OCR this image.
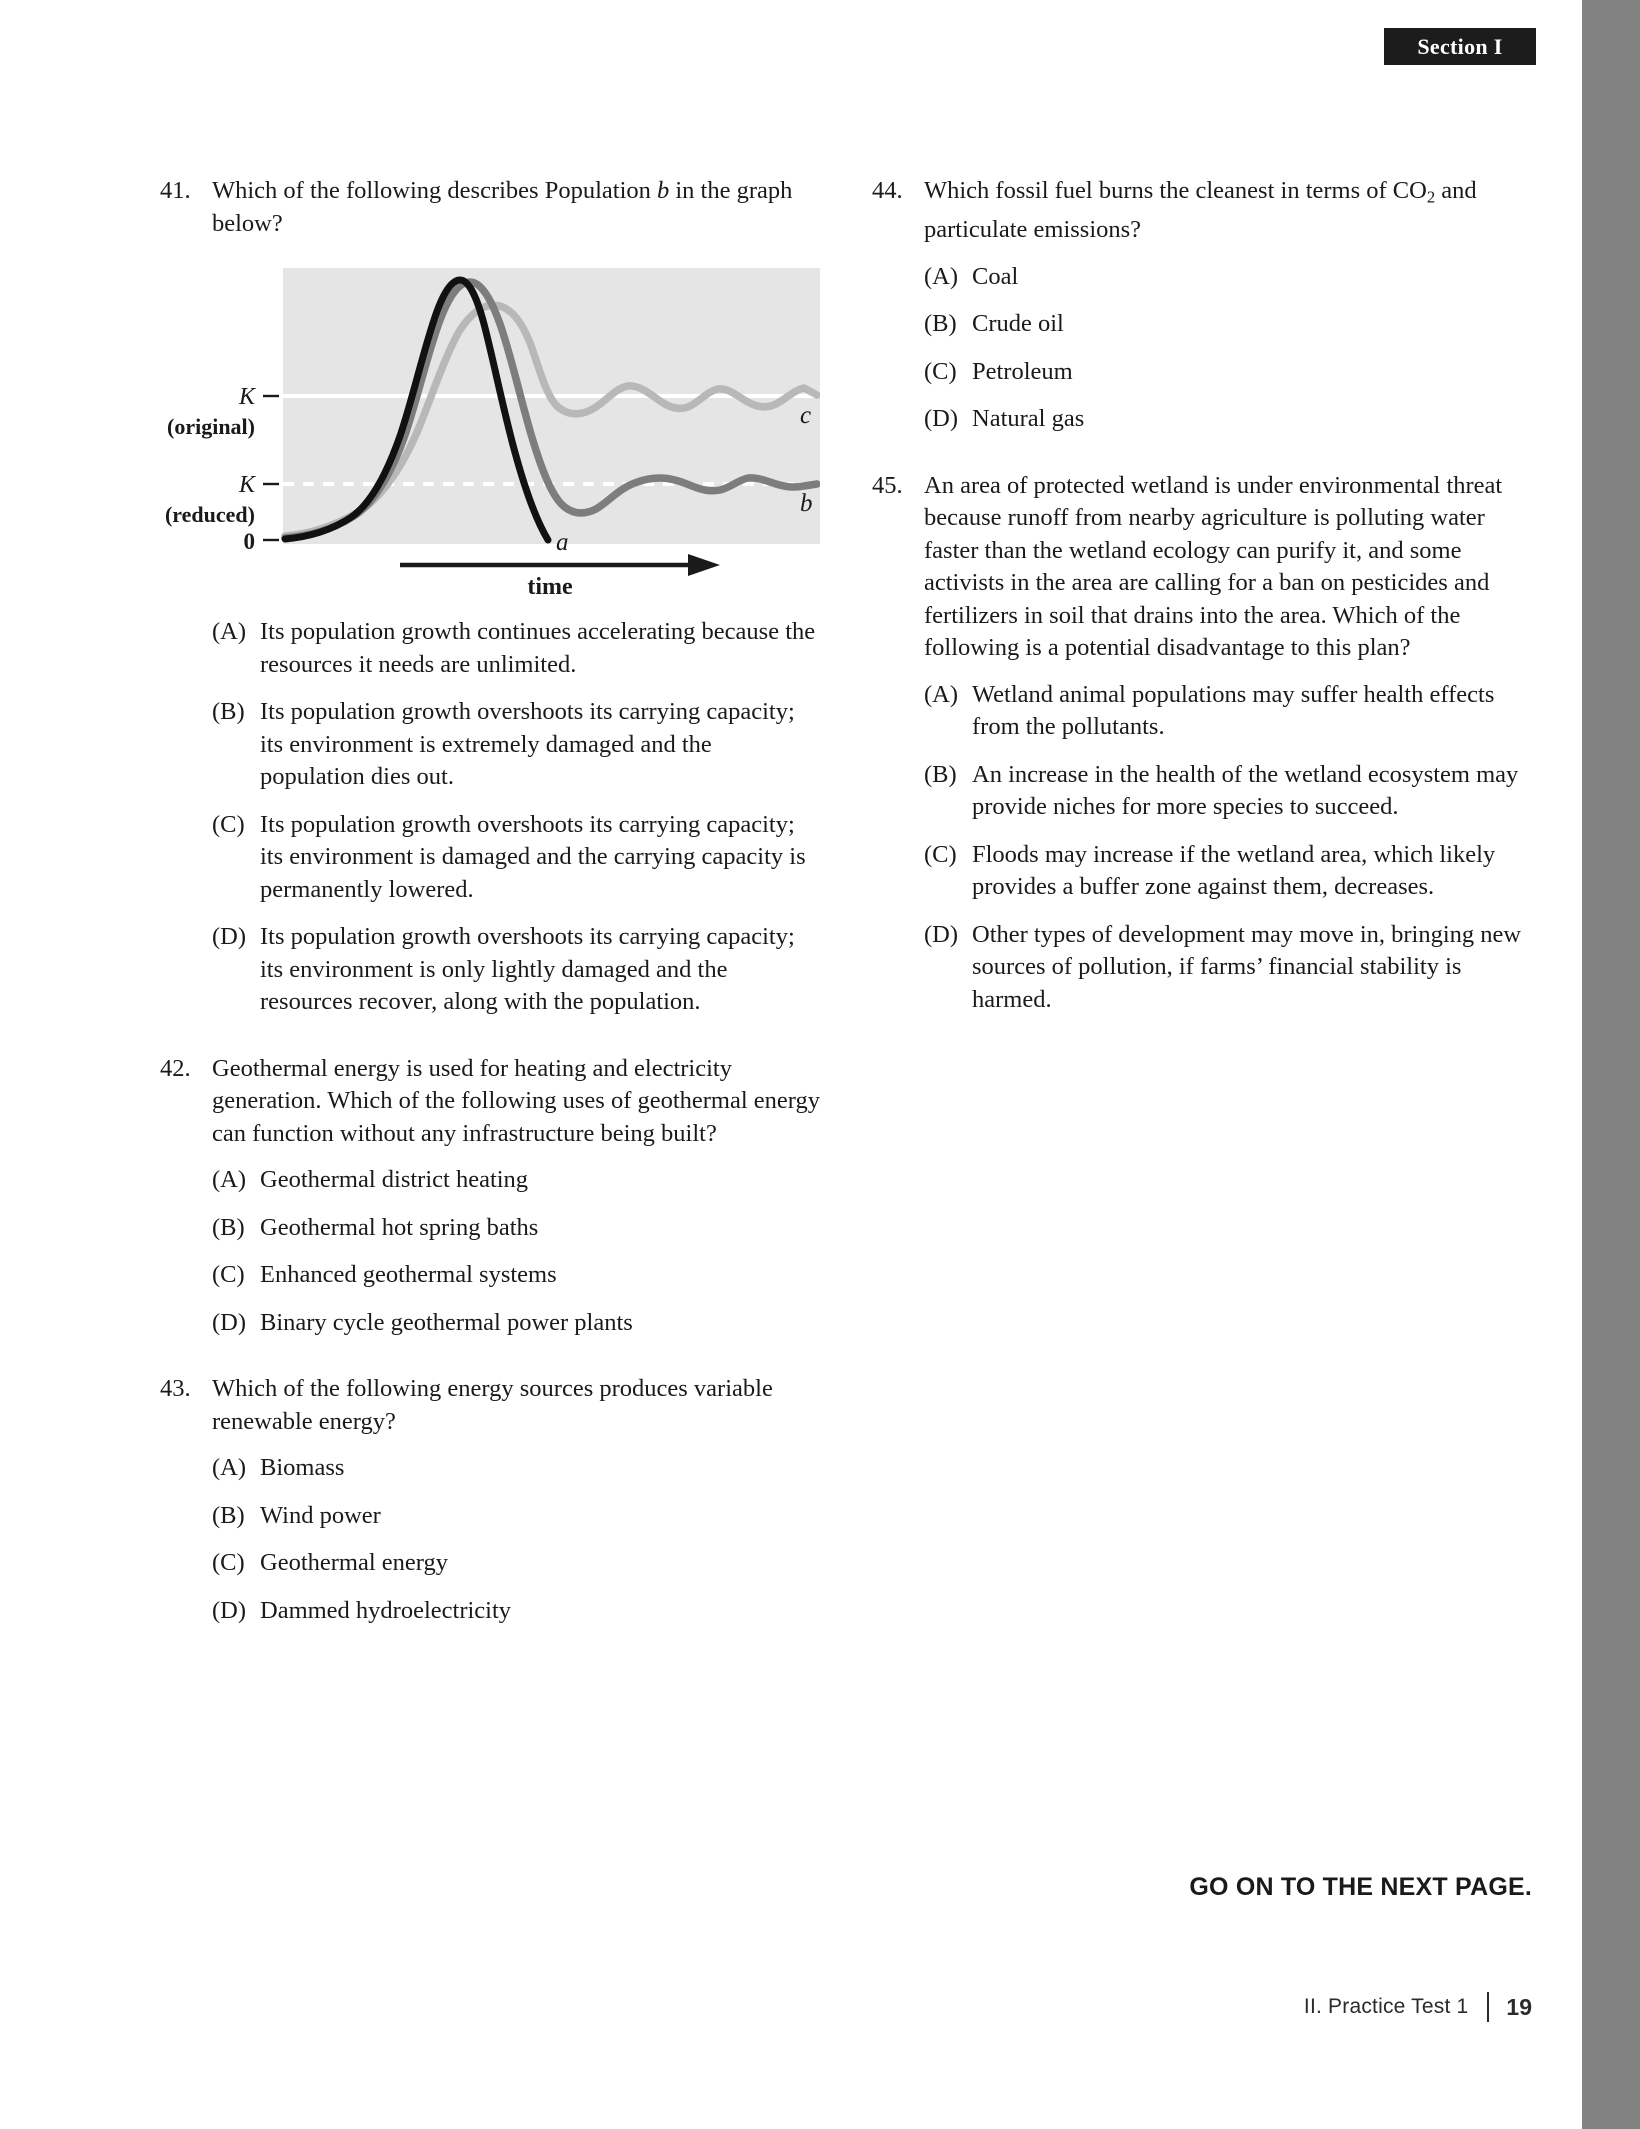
Section I
41. Which of the following describes Population b in the graph below?
K
(original)
K
(reduced)
0	a
c
b
time
(A) Its population growth continues accelerating because the resources it needs are unlimited.
(B) Its population growth overshoots its carrying capacity; its environment is extremely damaged and the population dies out.
(C) Its population growth overshoots its carrying capacity; its environment is damaged and the carrying capacity is permanently lowered.
(D) Its population growth overshoots its carrying capacity; its environment is only lightly damaged and the resources recover, along with the population.
42. Geothermal energy is used for heating and electricity generation. Which of the following uses of geothermal energy can function without any infrastructure being built?
(A) Geothermal district heating
(B) Geothermal hot spring baths
(C) Enhanced geothermal systems
(D) Binary cycle geothermal power plants
43. Which of the following energy sources produces variable renewable energy?
(A) Biomass
(B) Wind power
(C) Geothermal energy
(D) Dammed hydroelectricity
44. Which fossil fuel burns the cleanest in terms of $CO_2$ and particulate emissions?
(A) Coal
(B) Crude oil
(C) Petroleum
(D) Natural gas
45. An area of protected wetland is under environmental threat because runoff from nearby agriculture is polluting water faster than the wetland ecology can purify it, and some activists in the area are calling for a ban on pesticides and fertilizers in soil that drains into the area. Which of the following is a potential disadvantage to this plan?
(A) Wetland animal populations may suffer health effects from the pollutants.
(B) An increase in the health of the wetland ecosystem may provide niches for more species to succeed.
(C) Floods may increase if the wetland area, which likely provides a buffer zone against them, decreases.
(D) Other types of development may move in, bringing new sources of pollution, if farms’ financial stability is harmed.
GO ON TO THE NEXT PAGE.
II. Practice Test 1 19
